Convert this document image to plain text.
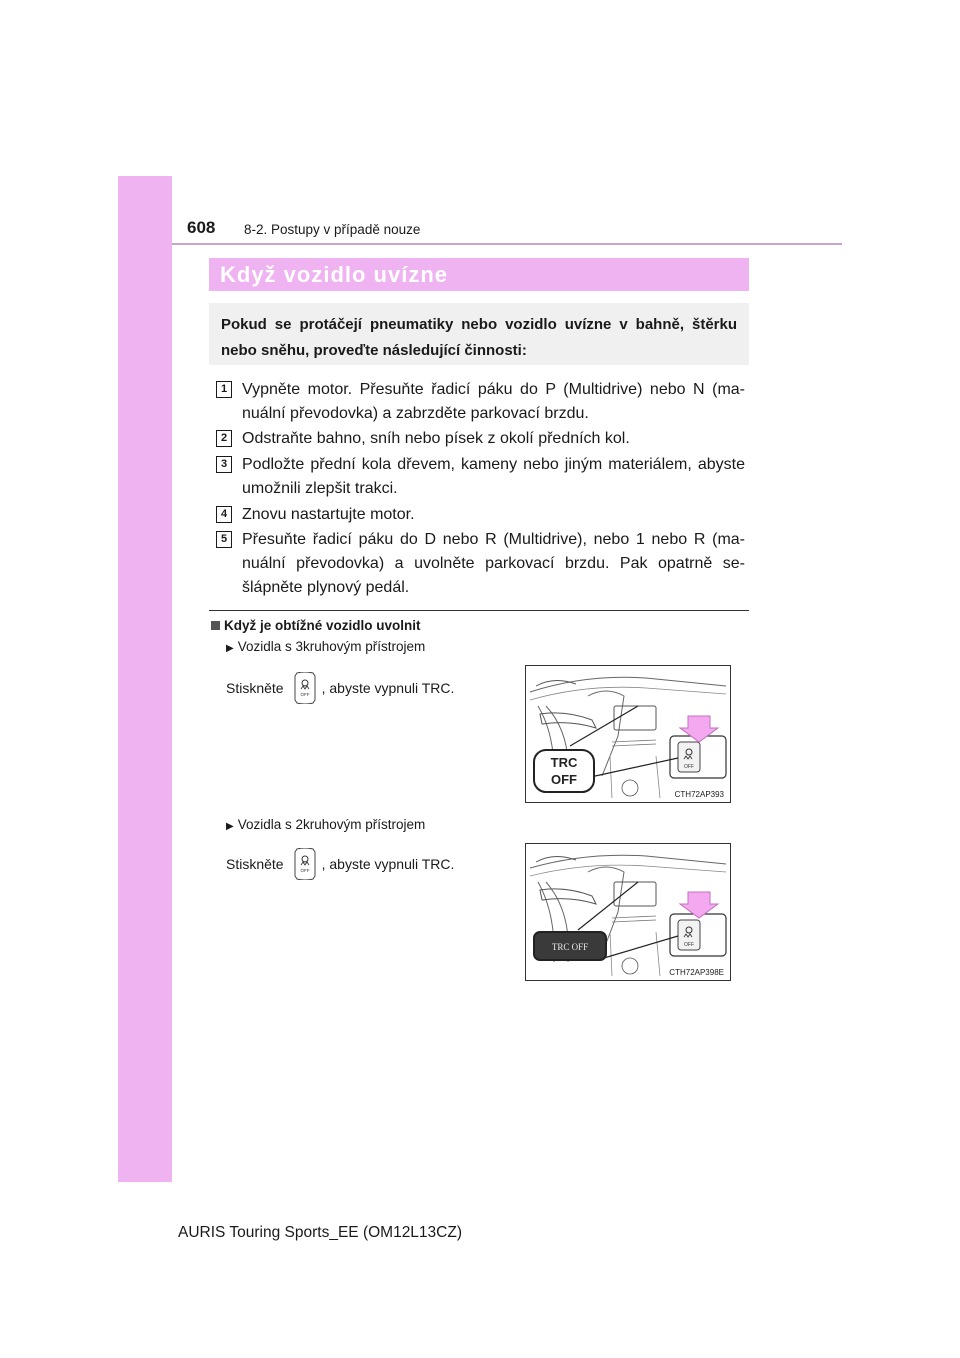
608 8-2. Postupy v případě nouze
Když vozidlo uvízne
Pokud se protáčejí pneumatiky nebo vozidlo uvízne v bahně, štěrku nebo sněhu, proveďte následující činnosti:
1 Vypněte motor. Přesuňte řadicí páku do P (Multidrive) nebo N (ma-nuální převodovka) a zabrzděte parkovací brzdu.
2 Odstraňte bahno, sníh nebo písek z okolí předních kol.
3 Podložte přední kola dřevem, kameny nebo jiným materiálem, abyste umožnili zlepšit trakci.
4 Znovu nastartujte motor.
5 Přesuňte řadicí páku do D nebo R (Multidrive), nebo 1 nebo R (ma-nuální převodovka) a uvolněte parkovací brzdu. Pak opatrně se-šlápněte plynový pedál.
Když je obtížné vozidlo uvolnit
▶ Vozidla s 3kruhovým přístrojem
Stiskněte	OFF , abyste vypnuli TRC.
OFF
TRC
OFF
CTH72AP393
▶ Vozidla s 2kruhovým přístrojem
Stiskněte	OFF , abyste vypnuli TRC.
OFF
TRC OFF
CTH72AP398E
AURIS Touring Sports_EE (OM12L13CZ)
